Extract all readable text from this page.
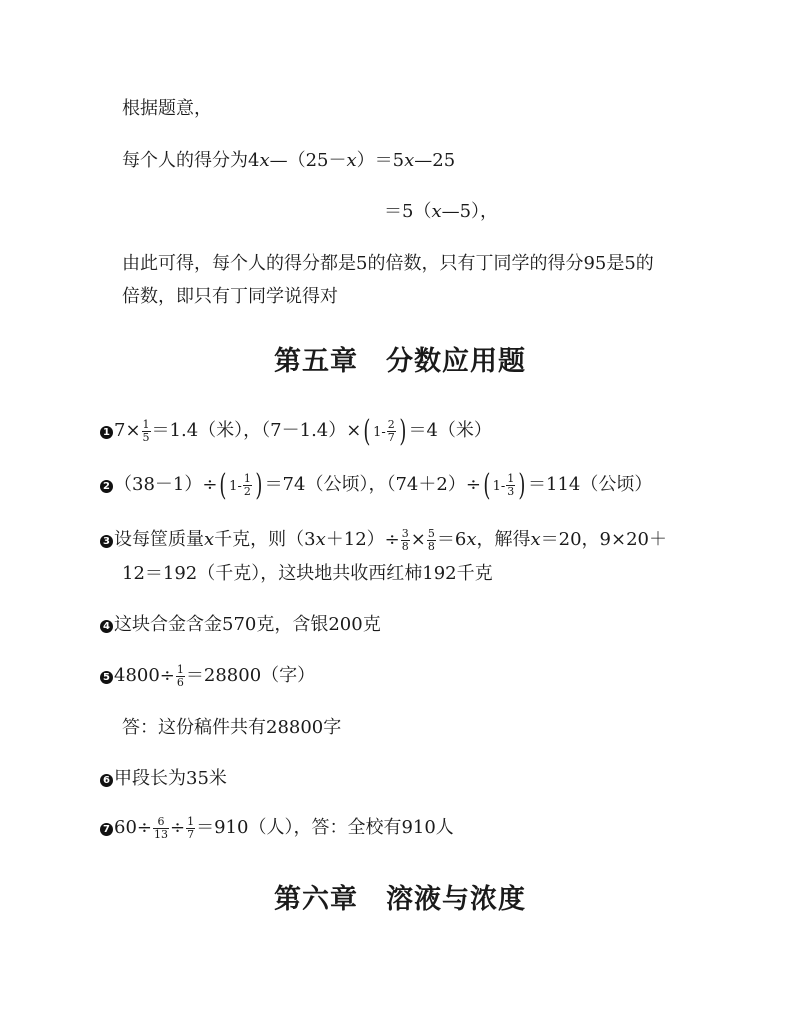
根据题意，
每个人的得分为4x—（25－x）＝5x—25
＝5（x—5），
由此可得，每个人的得分都是5的倍数，只有丁同学的得分95是5的
倍数，即只有丁同学说得对
第五章 分数应用题
1 $7\times \frac{1}{5} =1.4$（米），（7－1.4）×( $1- \frac{2}{7}$ ) ＝4（米）
2 （38－1）÷( $1- \frac{1}{2}$ ) ＝74（公顷），（74＋2）÷( $1- \frac{1}{3}$ ) ＝114（公顷）
3 设每筐质量x千克，则$(3x+12)\div \frac{3}{8} \times \frac{5}{8} =6x$，解得x＝20，9×20＋
12＝192（千克），这块地共收西红柿192千克
4 这块合金含金570克，含银200克
5 $4800\div \frac{1}{6} =28800$（字）
答：这份稿件共有28800字
6 甲段长为35米
7 $60\div \frac{6}{13} \div \frac{1}{7} =910$（人），答：全校有910人
第六章 溶液与浓度
